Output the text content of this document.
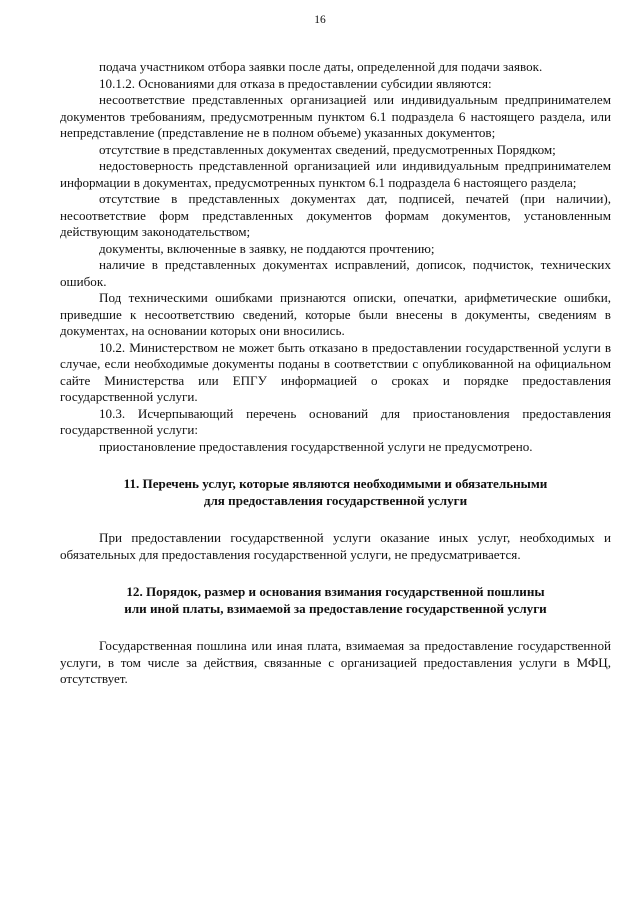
16

подача участником отбора заявки после даты, определенной для подачи заявок.

10.1.2. Основаниями для отказа в предоставлении субсидии являются:

несоответствие представленных организацией или индивидуальным предпринимателем документов требованиям, предусмотренным пунктом 6.1 подраздела 6 настоящего раздела, или непредставление (представление не в полном объеме) указанных документов;

отсутствие в представленных документах сведений, предусмотренных Порядком;

недостоверность представленной организацией или индивидуальным предпринимателем информации в документах, предусмотренных пунктом 6.1 подраздела 6 настоящего раздела;

отсутствие в представленных документах дат, подписей, печатей (при наличии), несоответствие форм представленных документов формам документов, установленным действующим законодательством;

документы, включенные в заявку, не поддаются прочтению;

наличие в представленных документах исправлений, дописок, подчисток, технических ошибок.

Под техническими ошибками признаются описки, опечатки, арифметические ошибки, приведшие к несоответствию сведений, которые были внесены в документы, сведениям в документах, на основании которых они вносились.

10.2. Министерством не может быть отказано в предоставлении государственной услуги в случае, если необходимые документы поданы в соответствии с опубликованной на официальном сайте Министерства или ЕПГУ информацией о сроках и порядке предоставления государственной услуги.

10.3. Исчерпывающий перечень оснований для приостановления предоставления государственной услуги:

приостановление предоставления государственной услуги не предусмотрено.

11. Перечень услуг, которые являются необходимыми и обязательными

для предоставления государственной услуги

При предоставлении государственной услуги оказание иных услуг, необходимых и обязательных для предоставления государственной услуги, не предусматривается.

12. Порядок, размер и основания взимания государственной пошлины

или иной платы, взимаемой за предоставление государственной услуги

Государственная пошлина или иная плата, взимаемая за предоставление государственной услуги, в том числе за действия, связанные с организацией предоставления услуги в МФЦ, отсутствует.
